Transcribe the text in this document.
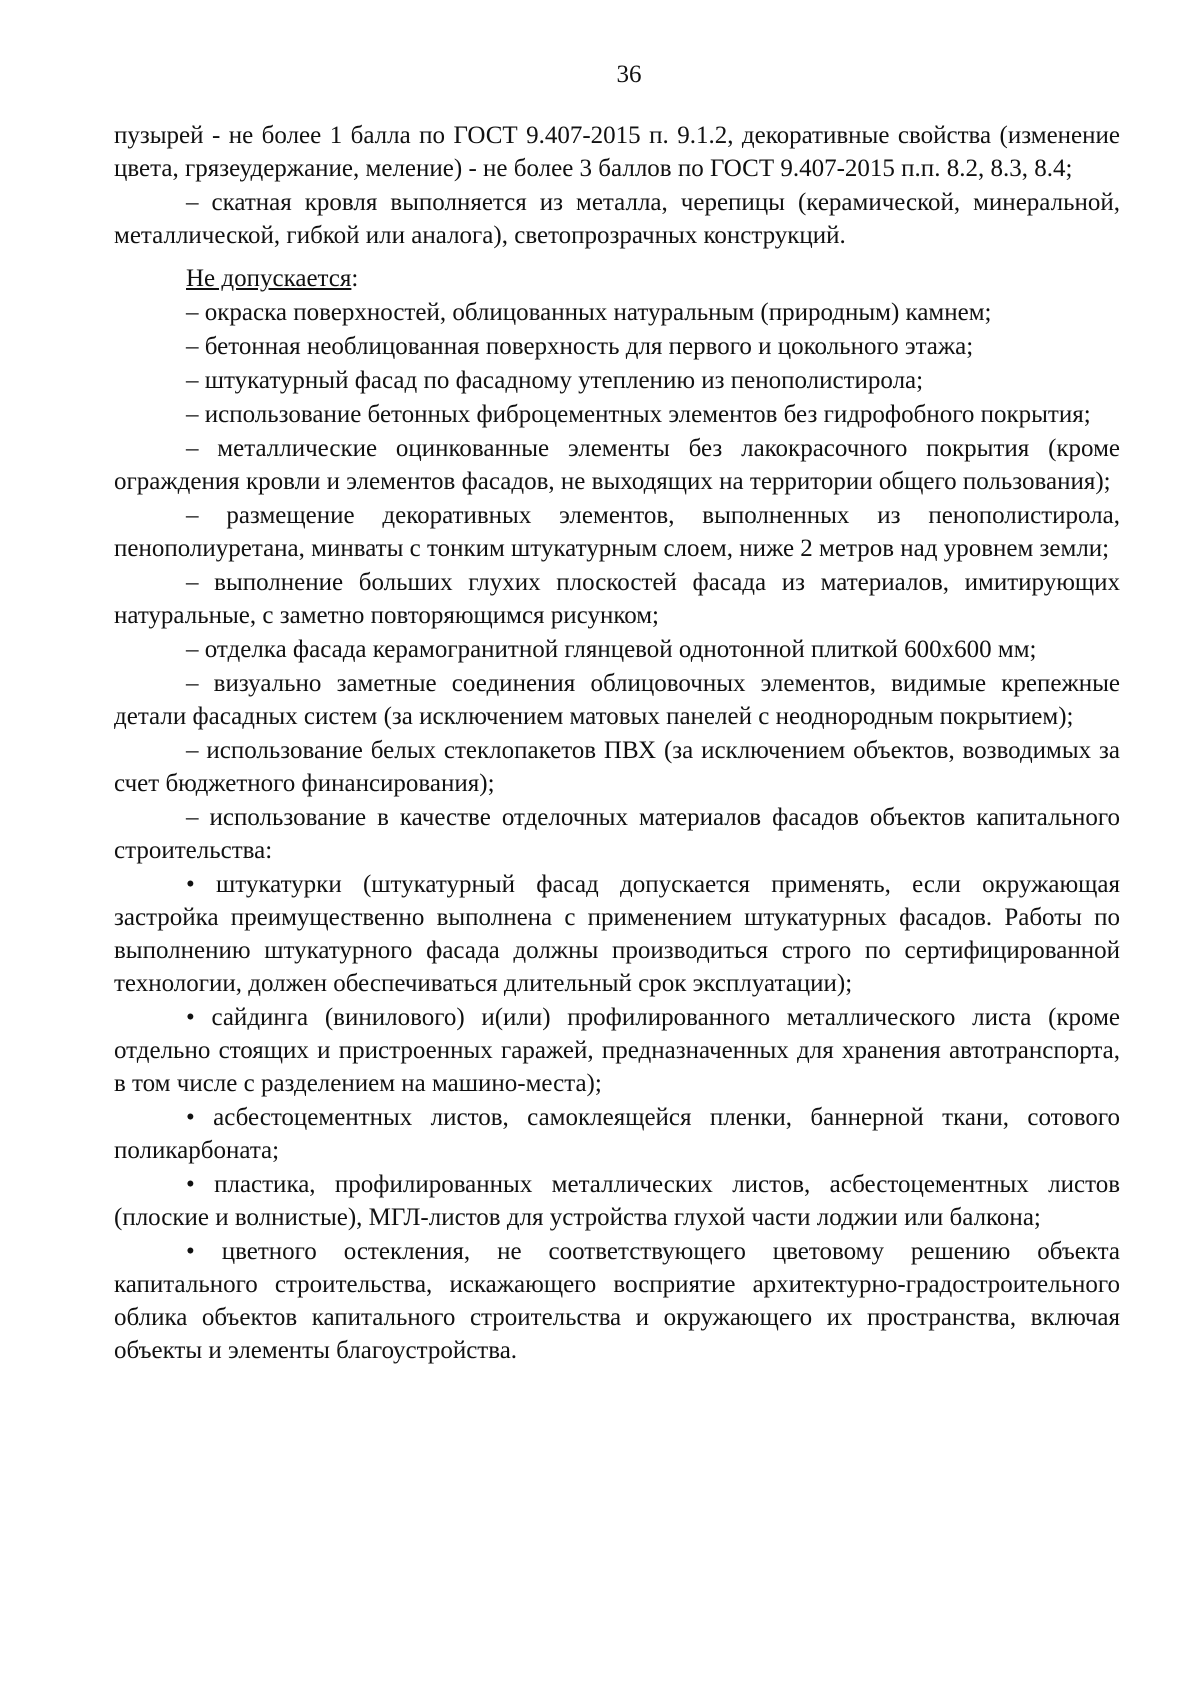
36

пузырей - не более 1 балла по ГОСТ 9.407-2015 п. 9.1.2, декоративные свойства (изменение цвета, грязеудержание, меление) - не более 3 баллов по ГОСТ 9.407-2015 п.п. 8.2, 8.3, 8.4;

– скатная кровля выполняется из металла, черепицы (керамической, минеральной, металлической, гибкой или аналога), светопрозрачных конструкций.

Не допускается:

– окраска поверхностей, облицованных натуральным (природным) камнем;

– бетонная необлицованная поверхность для первого и цокольного этажа;

– штукатурный фасад по фасадному утеплению из пенополистирола;

– использование бетонных фиброцементных элементов без гидрофобного покрытия;

– металлические оцинкованные элементы без лакокрасочного покрытия (кроме ограждения кровли и элементов фасадов, не выходящих на территории общего пользования);

– размещение декоративных элементов, выполненных из пенополистирола, пенополиуретана, минваты с тонким штукатурным слоем, ниже 2 метров над уровнем земли;

– выполнение больших глухих плоскостей фасада из материалов, имитирующих натуральные, с заметно повторяющимся рисунком;

– отделка фасада керамогранитной глянцевой однотонной плиткой 600х600 мм;

– визуально заметные соединения облицовочных элементов, видимые крепежные детали фасадных систем (за исключением матовых панелей с неоднородным покрытием);

– использование белых стеклопакетов ПВХ (за исключением объектов, возводимых за счет бюджетного финансирования);

– использование в качестве отделочных материалов фасадов объектов капитального строительства:

• штукатурки (штукатурный фасад допускается применять, если окружающая застройка преимущественно выполнена с применением штукатурных фасадов. Работы по выполнению штукатурного фасада должны производиться строго по сертифицированной технологии, должен обеспечиваться длительный срок эксплуатации);

• сайдинга (винилового) и(или) профилированного металлического листа (кроме отдельно стоящих и пристроенных гаражей, предназначенных для хранения автотранспорта, в том числе с разделением на машино-места);

• асбестоцементных листов, самоклеящейся пленки, баннерной ткани, сотового поликарбоната;

• пластика, профилированных металлических листов, асбестоцементных листов (плоские и волнистые), МГЛ-листов для устройства глухой части лоджии или балкона;

• цветного остекления, не соответствующего цветовому решению объекта капитального строительства, искажающего восприятие архитектурно-градостроительного облика объектов капитального строительства и окружающего их пространства, включая объекты и элементы благоустройства.
